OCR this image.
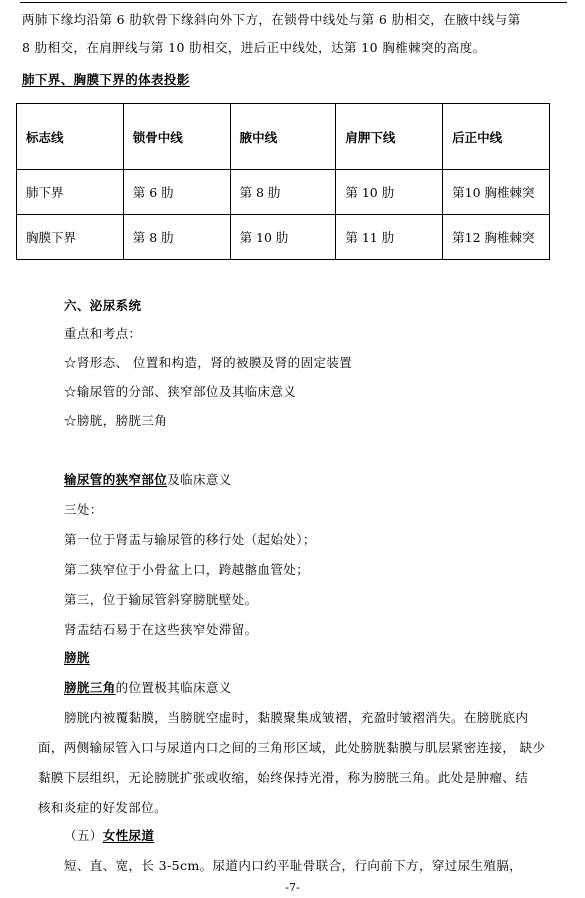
两肺下缘均沿第 6 肋软骨下缘斜向外下方，在锁骨中线处与第 6 肋相交，在腋中线与第
8 肋相交，在肩胛线与第 10 肋相交，进后正中线处，达第 10 胸椎棘突的高度。
肺下界、胸膜下界的体表投影
标志线	锁骨中线	腋中线	肩胛下线	后正中线
肺下界	第 6 肋	第 8 肋	第 10 肋	第10 胸椎棘突
胸膜下界	第 8 肋	第 10 肋	第 11 肋	第12 胸椎棘突
六、泌尿系统
重点和考点：
☆肾形态、 位置和构造，肾的被膜及肾的固定装置
☆输尿管的分部、狭窄部位及其临床意义
☆膀胱，膀胱三角
输尿管的狭窄部位及临床意义
三处：
第一位于肾盂与输尿管的移行处（起始处）；
第二狭窄位于小骨盆上口，跨越髂血管处；
第三，位于输尿管斜穿膀胱壁处。
肾盂结石易于在这些狭窄处滞留。
膀胱
膀胱三角的位置极其临床意义
膀胱内被覆黏膜，当膀胱空虚时，黏膜聚集成皱褶，充盈时皱褶消失。在膀胱底内
面，两侧输尿管入口与尿道内口之间的三角形区域，此处膀胱黏膜与肌层紧密连接， 缺少
黏膜下层组织，无论膀胱扩张或收缩，始终保持光滑，称为膀胱三角。此处是肿瘤、结
核和炎症的好发部位。
（五）女性尿道
短、直、宽，长 3-5cm。尿道内口约平耻骨联合，行向前下方，穿过尿生殖膈，
-7-
